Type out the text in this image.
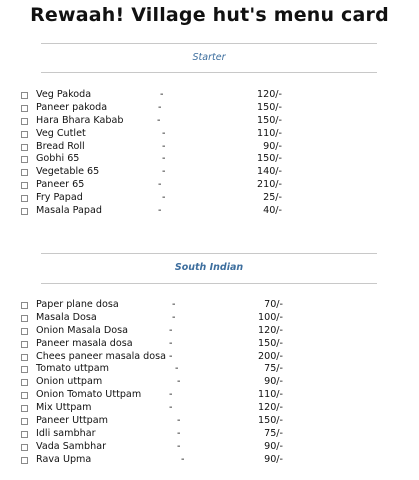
Rewaah! Village hut's menu card
Starter
Veg Pakoda	-	120/-
Paneer pakoda	-	150/-
Hara Bhara Kabab	-	150/-
Veg Cutlet	-	110/-
Bread Roll	-	90/-
Gobhi 65	-	150/-
Vegetable 65	-	140/-
Paneer 65	-	210/-
Fry Papad	-	25/-
Masala Papad	-	40/-
South Indian
Paper plane dosa	-	70/-
Masala Dosa	-	100/-
Onion Masala Dosa	-	120/-
Paneer masala dosa	-	150/-
Chees paneer masala dosa -	200/-
Tomato uttpam	-	75/-
Onion uttpam	-	90/-
Onion Tomato Uttpam	-	110/-
Mix Uttpam	-	120/-
Paneer Uttpam	-	150/-
Idli sambhar	-	75/-
Vada Sambhar	-	90/-
Rava Upma	-	90/-
